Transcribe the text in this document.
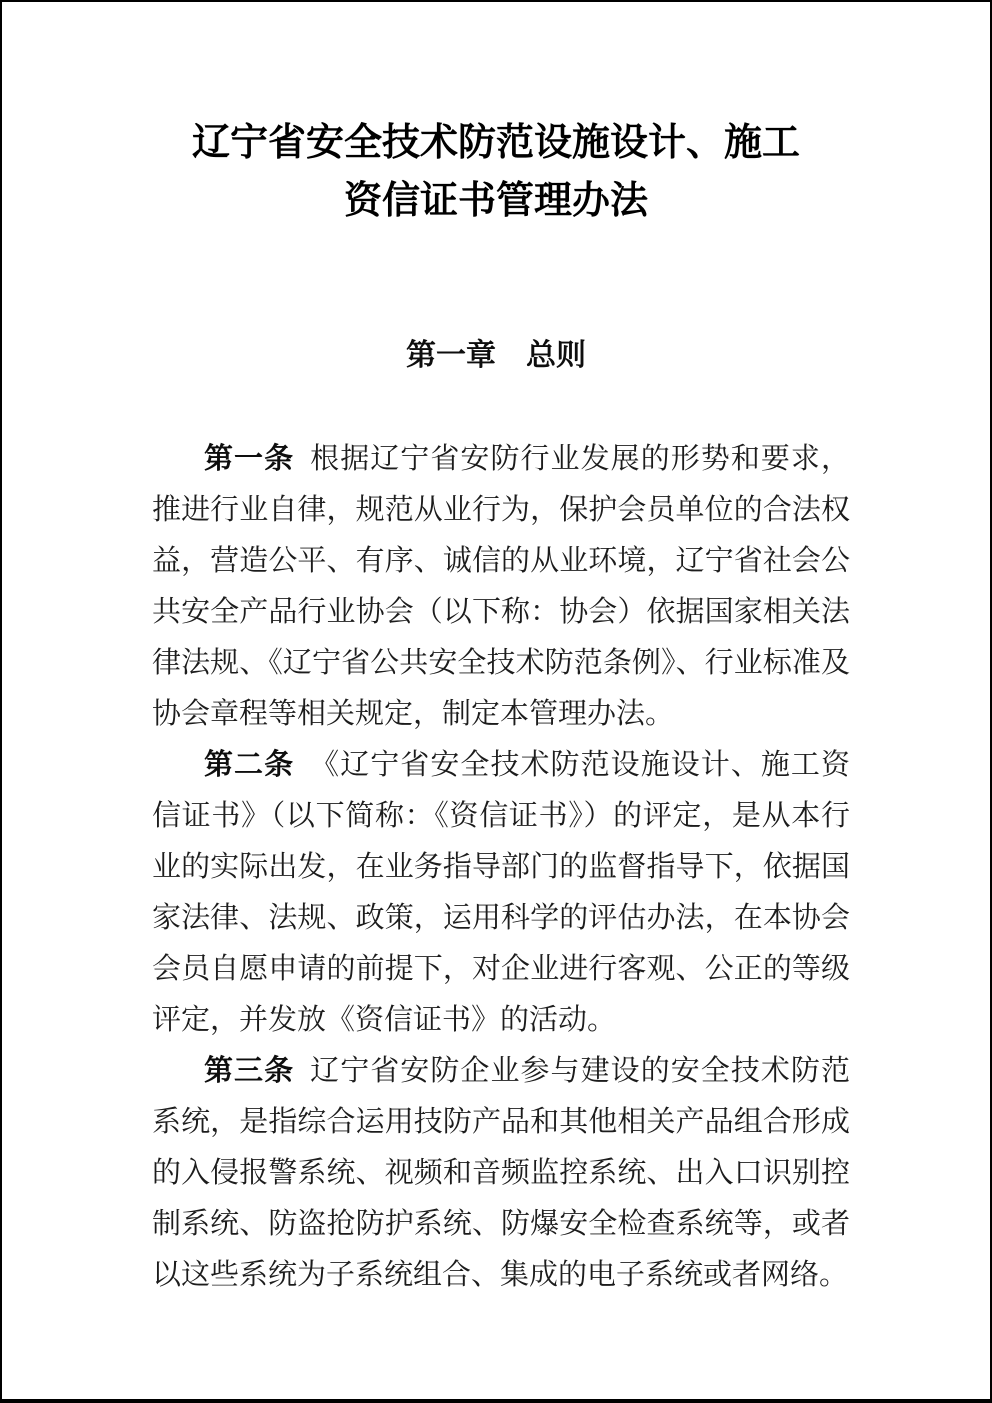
辽宁省安全技术防范设施设计、施工
资信证书管理办法
第一章　总则

第一条 根据辽宁省安防行业发展的形势和要求，推进行业自律，规范从业行为，保护会员单位的合法权益，营造公平、有序、诚信的从业环境，辽宁省社会公共安全产品行业协会（以下称：协会）依据国家相关法律法规、《辽宁省公共安全技术防范条例》、行业标准及协会章程等相关规定，制定本管理办法。

第二条 《辽宁省安全技术防范设施设计、施工资信证书》（以下简称：《资信证书》）的评定，是从本行业的实际出发，在业务指导部门的监督指导下，依据国家法律、法规、政策，运用科学的评估办法，在本协会会员自愿申请的前提下，对企业进行客观、公正的等级评定，并发放《资信证书》的活动。

第三条 辽宁省安防企业参与建设的安全技术防范系统，是指综合运用技防产品和其他相关产品组合形成的入侵报警系统、视频和音频监控系统、出入口识别控制系统、防盗抢防护系统、防爆安全检查系统等，或者以这些系统为子系统组合、集成的电子系统或者网络。
